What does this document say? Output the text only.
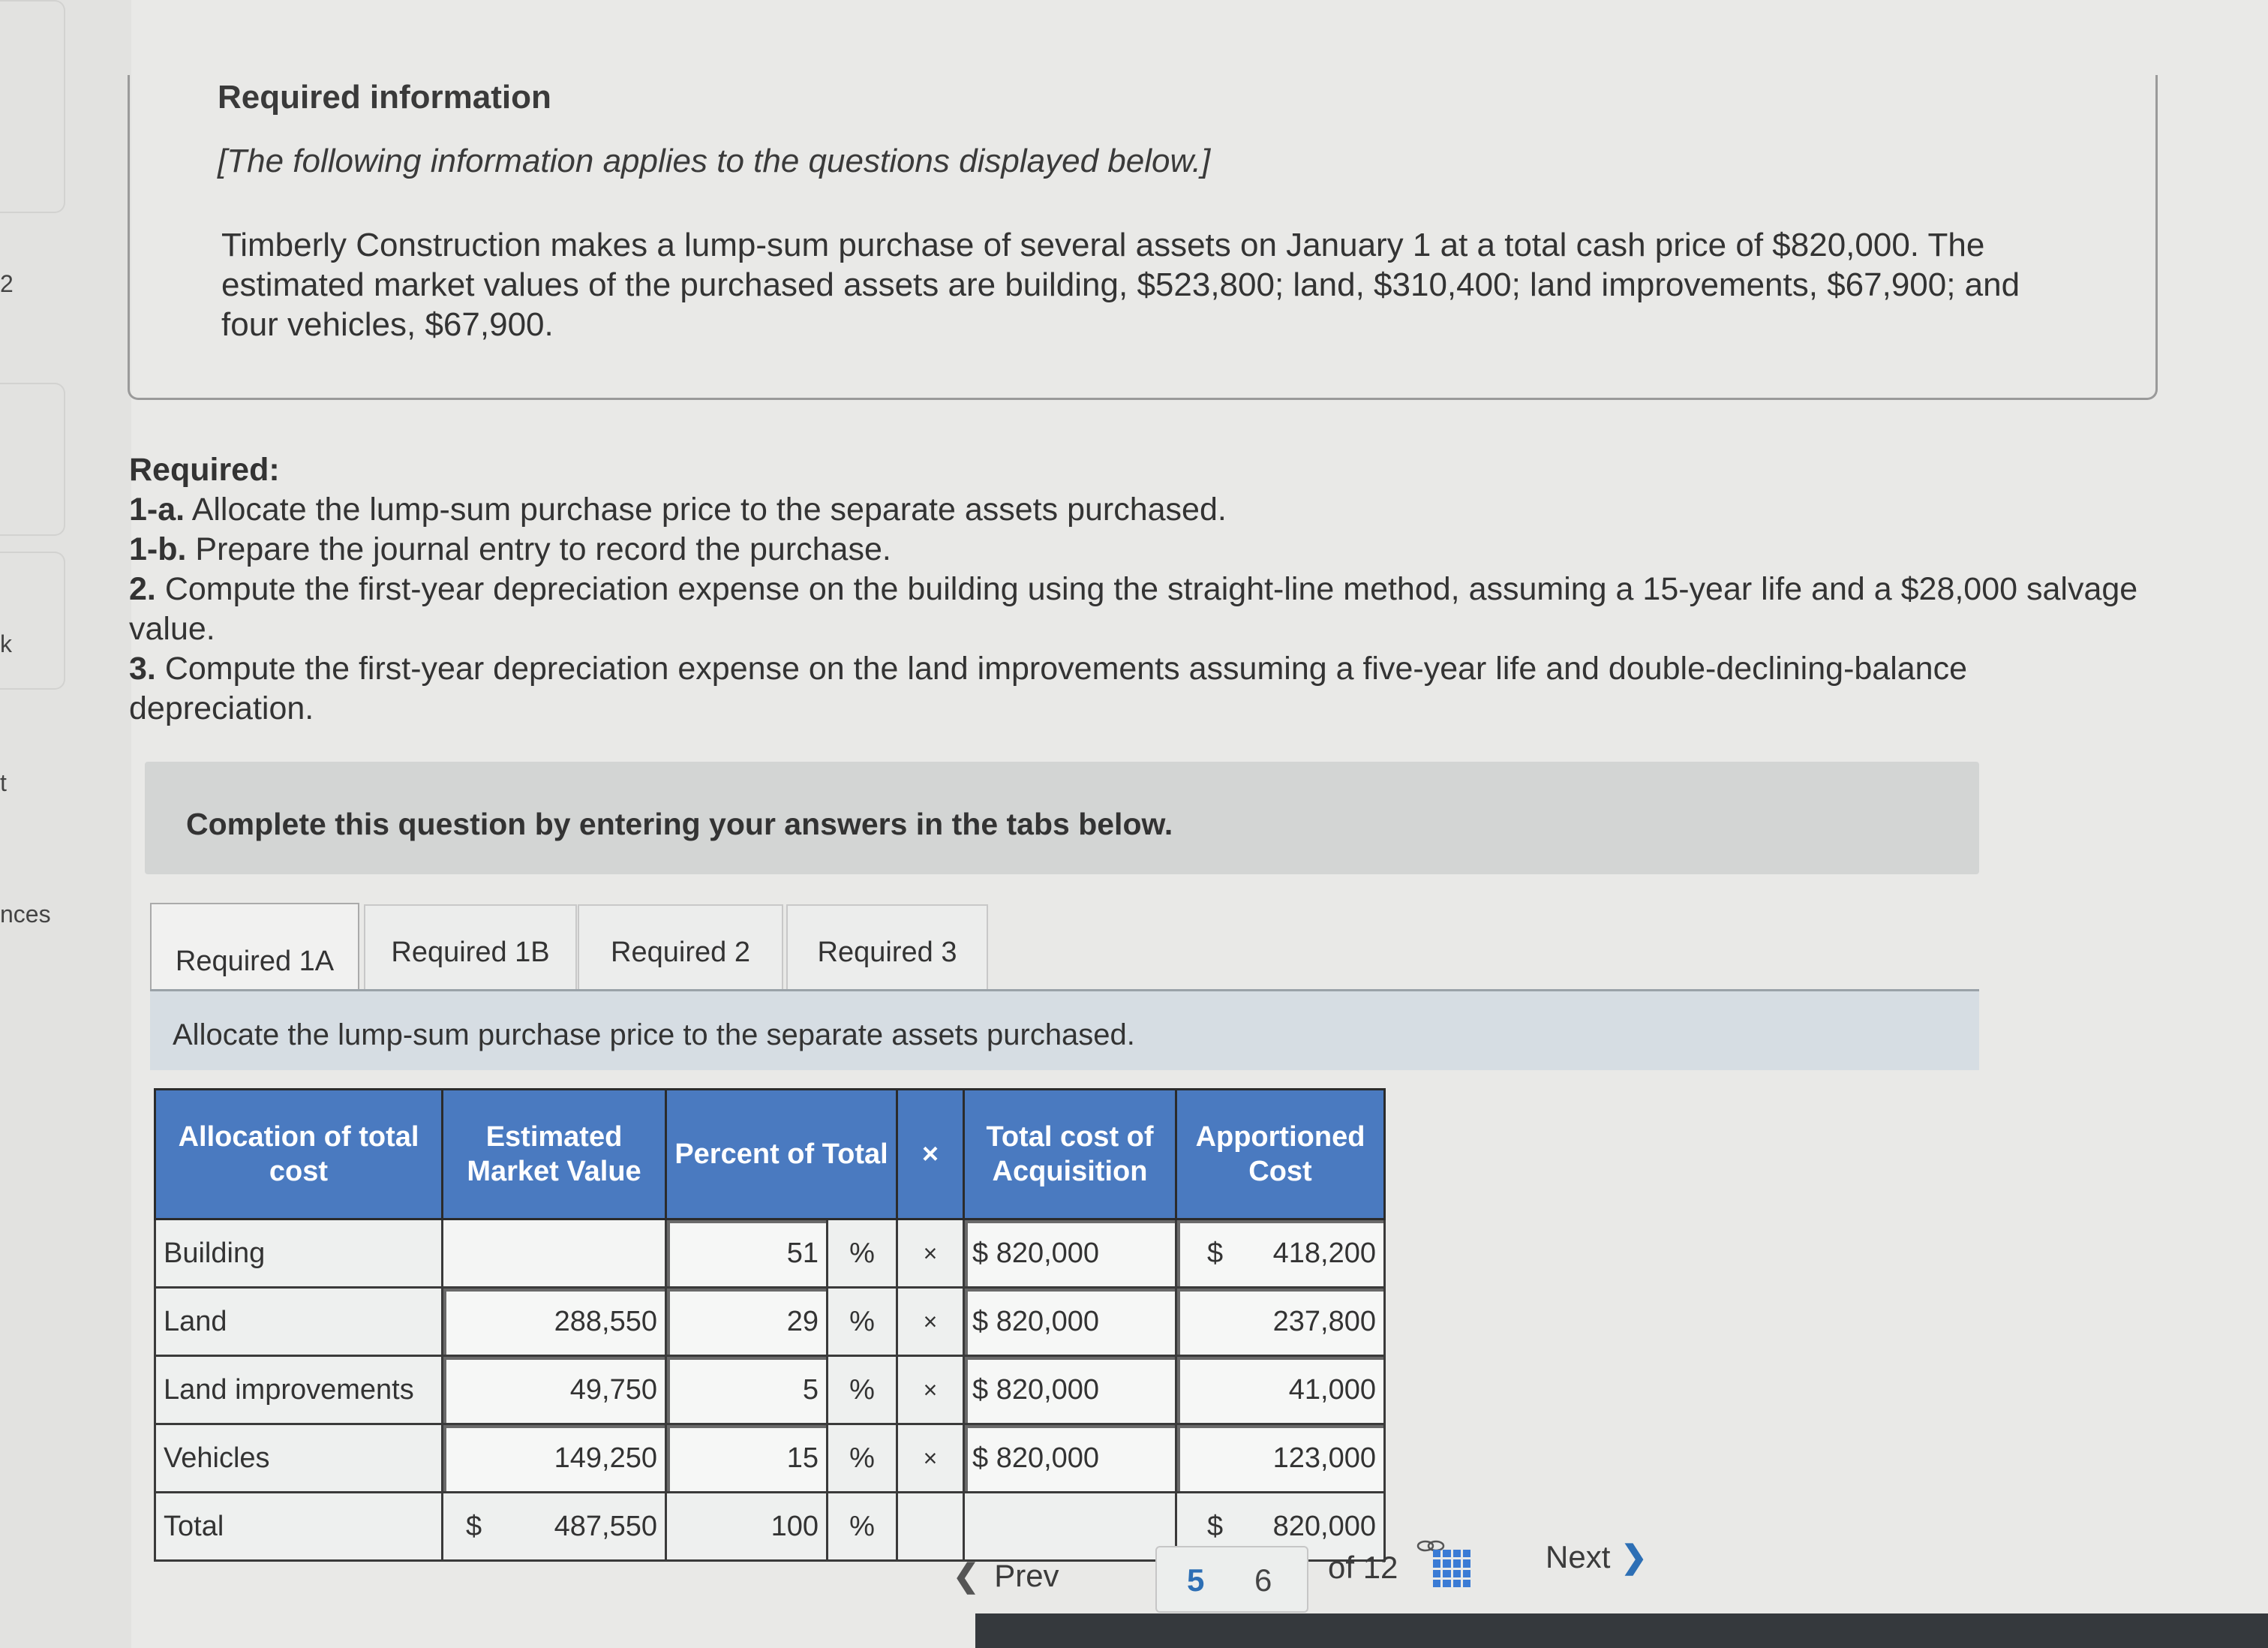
2
k
t
nces
Required information
[The following information applies to the questions displayed below.]
Timberly Construction makes a lump-sum purchase of several assets on January 1 at a total cash price of $820,000. The estimated market values of the purchased assets are building, $523,800; land, $310,400; land improvements, $67,900; and four vehicles, $67,900.
Required:
1-a. Allocate the lump-sum purchase price to the separate assets purchased.
1-b. Prepare the journal entry to record the purchase.
2. Compute the first-year depreciation expense on the building using the straight-line method, assuming a 15-year life and a $28,000 salvage value.
3. Compute the first-year depreciation expense on the land improvements assuming a five-year life and double-declining-balance depreciation.
Complete this question by entering your answers in the tabs below.
Required 1A	Required 1B	Required 2	Required 3
Allocate the lump-sum purchase price to the separate assets purchased.
Allocation of total cost	Estimated Market Value	Percent of Total		×	Total cost of Acquisition	Apportioned Cost
Building		51	%	×	$ 820,000	$ 418,200
Land	288,550	29	%	×	$ 820,000	237,800
Land improvements	49,750	5	%	×	$ 820,000	41,000
Vehicles	149,250	15	%	×	$ 820,000	123,000
Total	$ 487,550	100	%			$ 820,000
❮ Prev	5 6 of 12	Next ❯
